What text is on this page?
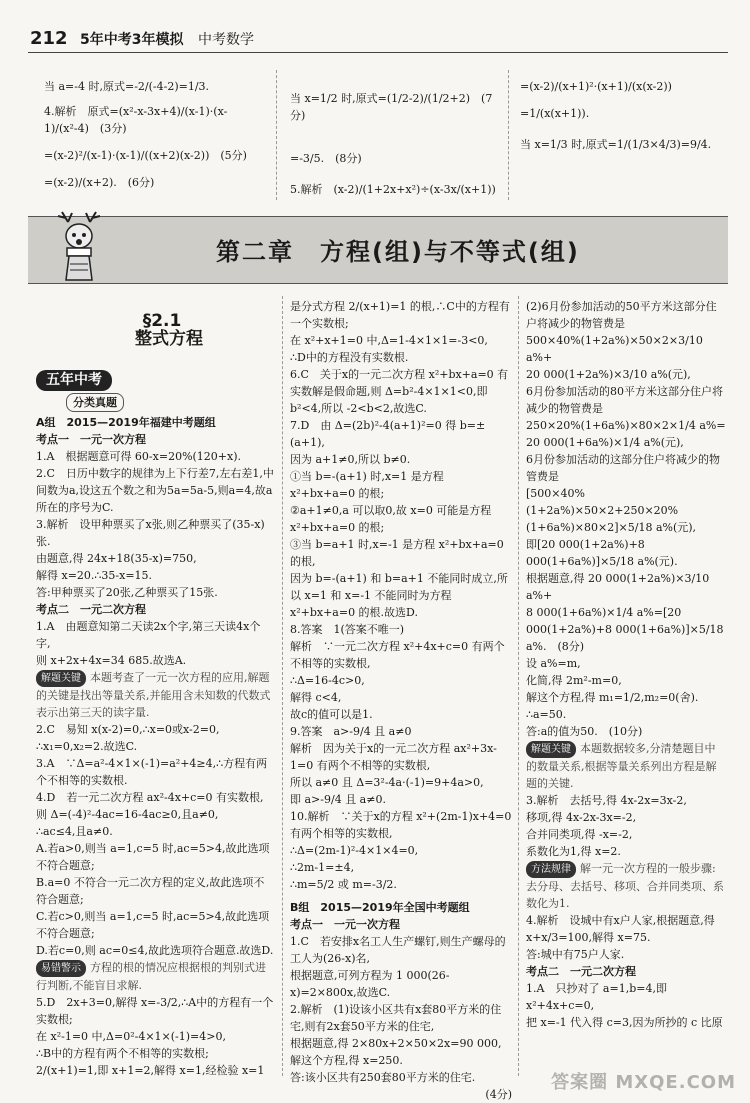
212 5年中考3年模拟 中考数学

当 a=-4 时,原式=-2/(-4-2)=1/3.

4.解析　原式=(x²-x-3x+4)/(x-1)·(x-1)/(x²-4)　(3分)

=(x-2)²/(x-1)·(x-1)/((x+2)(x-2))　(5分)

=(x-2)/(x+2).　(6分)

当 x=1/2 时,原式=(1/2-2)/(1/2+2)　(7分)

=-3/5.　(8分)

5.解析　(x-2)/(1+2x+x²)÷(x-3x/(x+1))

=(x-2)/(x+1)²·(x+1)/(x(x-2))

=1/(x(x+1)).

当 x=1/3 时,原式=1/(1/3×4/3)=9/4.

第二章　方程(组)与不等式(组)

§2.1
整式方程

五年中考

分类真题

A组　2015—2019年福建中考题组

考点一　一元一次方程

1.A　根据题意可得 60-x=20%(120+x).

2.C　日历中数字的规律为上下行差7,左右差1,中间数为a,设这五个数之和为5a=5a-5,则a=4,故a所在的序号为C.

3.解析　设甲种票买了x张,则乙种票买了(35-x)张.

由题意,得 24x+18(35-x)=750,

解得 x=20.∴35-x=15.

答:甲种票买了20张,乙种票买了15张.

考点二　一元二次方程

1.A　由题意知第二天读2x个字,第三天读4x个字,

则 x+2x+4x=34 685.故选A.

解题关键 本题考查了一元一次方程的应用,解题的关键是找出等量关系,并能用含未知数的代数式表示出第三天的读字量.

2.C　易知 x(x-2)=0,∴x=0或x-2=0,

∴x₁=0,x₂=2.故选C.

3.A　∵Δ=a²-4×1×(-1)=a²+4≥4,∴方程有两个不相等的实数根.

4.D　若一元二次方程 ax²-4x+c=0 有实数根,

则 Δ=(-4)²-4ac=16-4ac≥0,且a≠0,

∴ac≤4,且a≠0.

A.若a>0,则当 a=1,c=5 时,ac=5>4,故此选项不符合题意;

B.a=0 不符合一元二次方程的定义,故此选项不符合题意;

C.若c>0,则当 a=1,c=5 时,ac=5>4,故此选项不符合题意;

D.若c=0,则 ac=0≤4,故此选项符合题意.故选D.

易错警示 方程的根的情况应根据根的判别式进行判断,不能盲目求解.

5.D　2x+3=0,解得 x=-3/2,∴A中的方程有一个实数根;

在 x²-1=0 中,Δ=0²-4×1×(-1)=4>0,

∴B中的方程有两个不相等的实数根;

2/(x+1)=1,即 x+1=2,解得 x=1,经检验 x=1

是分式方程 2/(x+1)=1 的根,∴C中的方程有一个实数根;

在 x²+x+1=0 中,Δ=1-4×1×1=-3<0,

∴D中的方程没有实数根.

6.C　关于x的一元二次方程 x²+bx+a=0 有实数解是假命题,则 Δ=b²-4×1×1<0,即 b²<4,所以 -2<b<2,故选C.

7.D　由 Δ=(2b)²-4(a+1)²=0 得 b=±(a+1),

因为 a+1≠0,所以 b≠0.

①当 b=-(a+1) 时,x=1 是方程 x²+bx+a=0 的根;

②a+1≠0,a 可以取0,故 x=0 可能是方程 x²+bx+a=0 的根;

③当 b=a+1 时,x=-1 是方程 x²+bx+a=0 的根,

因为 b=-(a+1) 和 b=a+1 不能同时成立,所以 x=1 和 x=-1 不能同时为方程 x²+bx+a=0 的根.故选D.

8.答案　1(答案不唯一)

解析　∵一元二次方程 x²+4x+c=0 有两个不相等的实数根,

∴Δ=16-4c>0,

解得 c<4,

故c的值可以是1.

9.答案　a>-9/4 且 a≠0

解析　因为关于x的一元二次方程 ax²+3x-1=0 有两个不相等的实数根,

所以 a≠0 且 Δ=3²-4a·(-1)=9+4a>0,

即 a>-9/4 且 a≠0.

10.解析　∵关于x的方程 x²+(2m-1)x+4=0 有两个相等的实数根,

∴Δ=(2m-1)²-4×1×4=0,

∴2m-1=±4,

∴m=5/2 或 m=-3/2.

B组　2015—2019年全国中考题组

考点一　一元一次方程

1.C　若安排x名工人生产螺钉,则生产螺母的工人为(26-x)名,

根据题意,可列方程为 1 000(26-x)=2×800x,故选C.

2.解析　(1)设该小区共有x套80平方米的住宅,则有2x套50平方米的住宅,

根据题意,得 2×80x+2×50×2x=90 000,

解这个方程,得 x=250.

答:该小区共有250套80平方米的住宅.

(4分)

(2)6月份参加活动的50平方米这部分住户将减少的物管费是

500×40%(1+2a%)×50×2×3/10 a%+

20 000(1+2a%)×3/10 a%(元),

6月份参加活动的80平方米这部分住户将减少的物管费是

250×20%(1+6a%)×80×2×1/4 a%=

20 000(1+6a%)×1/4 a%(元),

6月份参加活动的这部分住户将减少的物管费是

[500×40%(1+2a%)×50×2+250×20%(1+6a%)×80×2]×5/18 a%(元),

即[20 000(1+2a%)+8 000(1+6a%)]×5/18 a%(元).

根据题意,得 20 000(1+2a%)×3/10 a%+

8 000(1+6a%)×1/4 a%=[20 000(1+2a%)+8 000(1+6a%)]×5/18 a%.　(8分)

设 a%=m,

化简,得 2m²-m=0,

解这个方程,得 m₁=1/2,m₂=0(舍).

∴a=50.

答:a的值为50.　(10分)

解题关键 本题数据较多,分清楚题目中的数量关系,根据等量关系列出方程是解题的关键.

3.解析　去括号,得 4x-2x=3x-2,

移项,得 4x-2x-3x=-2,

合并同类项,得 -x=-2,

系数化为1,得 x=2.

方法规律 解一元一次方程的一般步骤:去分母、去括号、移项、合并同类项、系数化为1.

4.解析　设城中有x户人家,根据题意,得

x+x/3=100,解得 x=75.

答:城中有75户人家.

考点二　一元二次方程

1.A　只抄对了 a=1,b=4,即 x²+4x+c=0,

把 x=-1 代入得 c=3,因为所抄的 c 比原

答案圈 MXQE.COM
